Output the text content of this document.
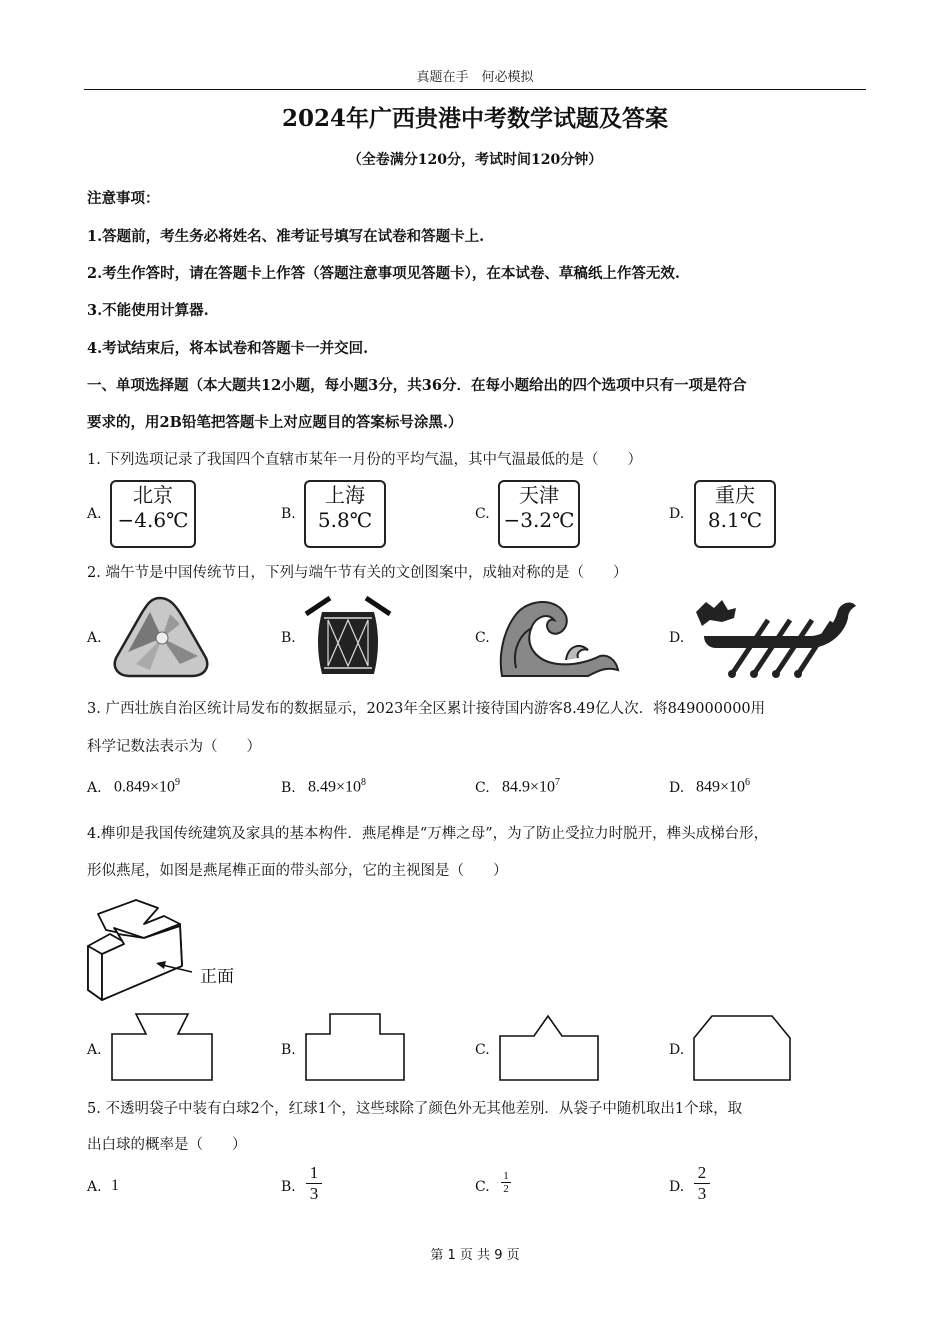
真题在手　何必模拟
2024年广西贵港中考数学试题及答案
（全卷满分120分，考试时间120分钟）
注意事项：
1.答题前，考生务必将姓名、准考证号填写在试卷和答题卡上.
2.考生作答时，请在答题卡上作答（答题注意事项见答题卡），在本试卷、草稿纸上作答无效.
3.不能使用计算器.
4.考试结束后，将本试卷和答题卡一并交回.
一、单项选择题（本大题共12小题，每小题3分，共36分．在每小题给出的四个选项中只有一项是符合
要求的，用2B铅笔把答题卡上对应题目的答案标号涂黑.）
1. 下列选项记录了我国四个直辖市某年一月份的平均气温，其中气温最低的是（　　）
A.
北京
−4.6℃	B.
上海
5.8℃	C.
天津
−3.2℃	D.
重庆
8.1℃
2. 端午节是中国传统节日，下列与端午节有关的文创图案中，成轴对称的是（　　）
A.	B.	C.	D.
3. 广西壮族自治区统计局发布的数据显示，2023年全区累计接待国内游客8.49亿人次．将849000000用
科学记数法表示为（　　）
A. $0.849\times 10^9$	B. $8.49\times 10^8$	C. $84.9\times 10^7$	D. $849\times 10^6$
4.榫卯是我国传统建筑及家具的基本构件．燕尾榫是“万榫之母”，为了防止受拉力时脱开，榫头成梯台形，
形似燕尾，如图是燕尾榫正面的带头部分，它的主视图是（　　）
正面
A.	B.	C.	D.
5. 不透明袋子中装有白球2个，红球1个，这些球除了颜色外无其他差别．从袋子中随机取出1个球，取
出白球的概率是（　　）
A. 1	B. $\frac{1}{3}$	C. $\frac{1}{2}$	D. $\frac{2}{3}$
第 1 页 共 9 页
